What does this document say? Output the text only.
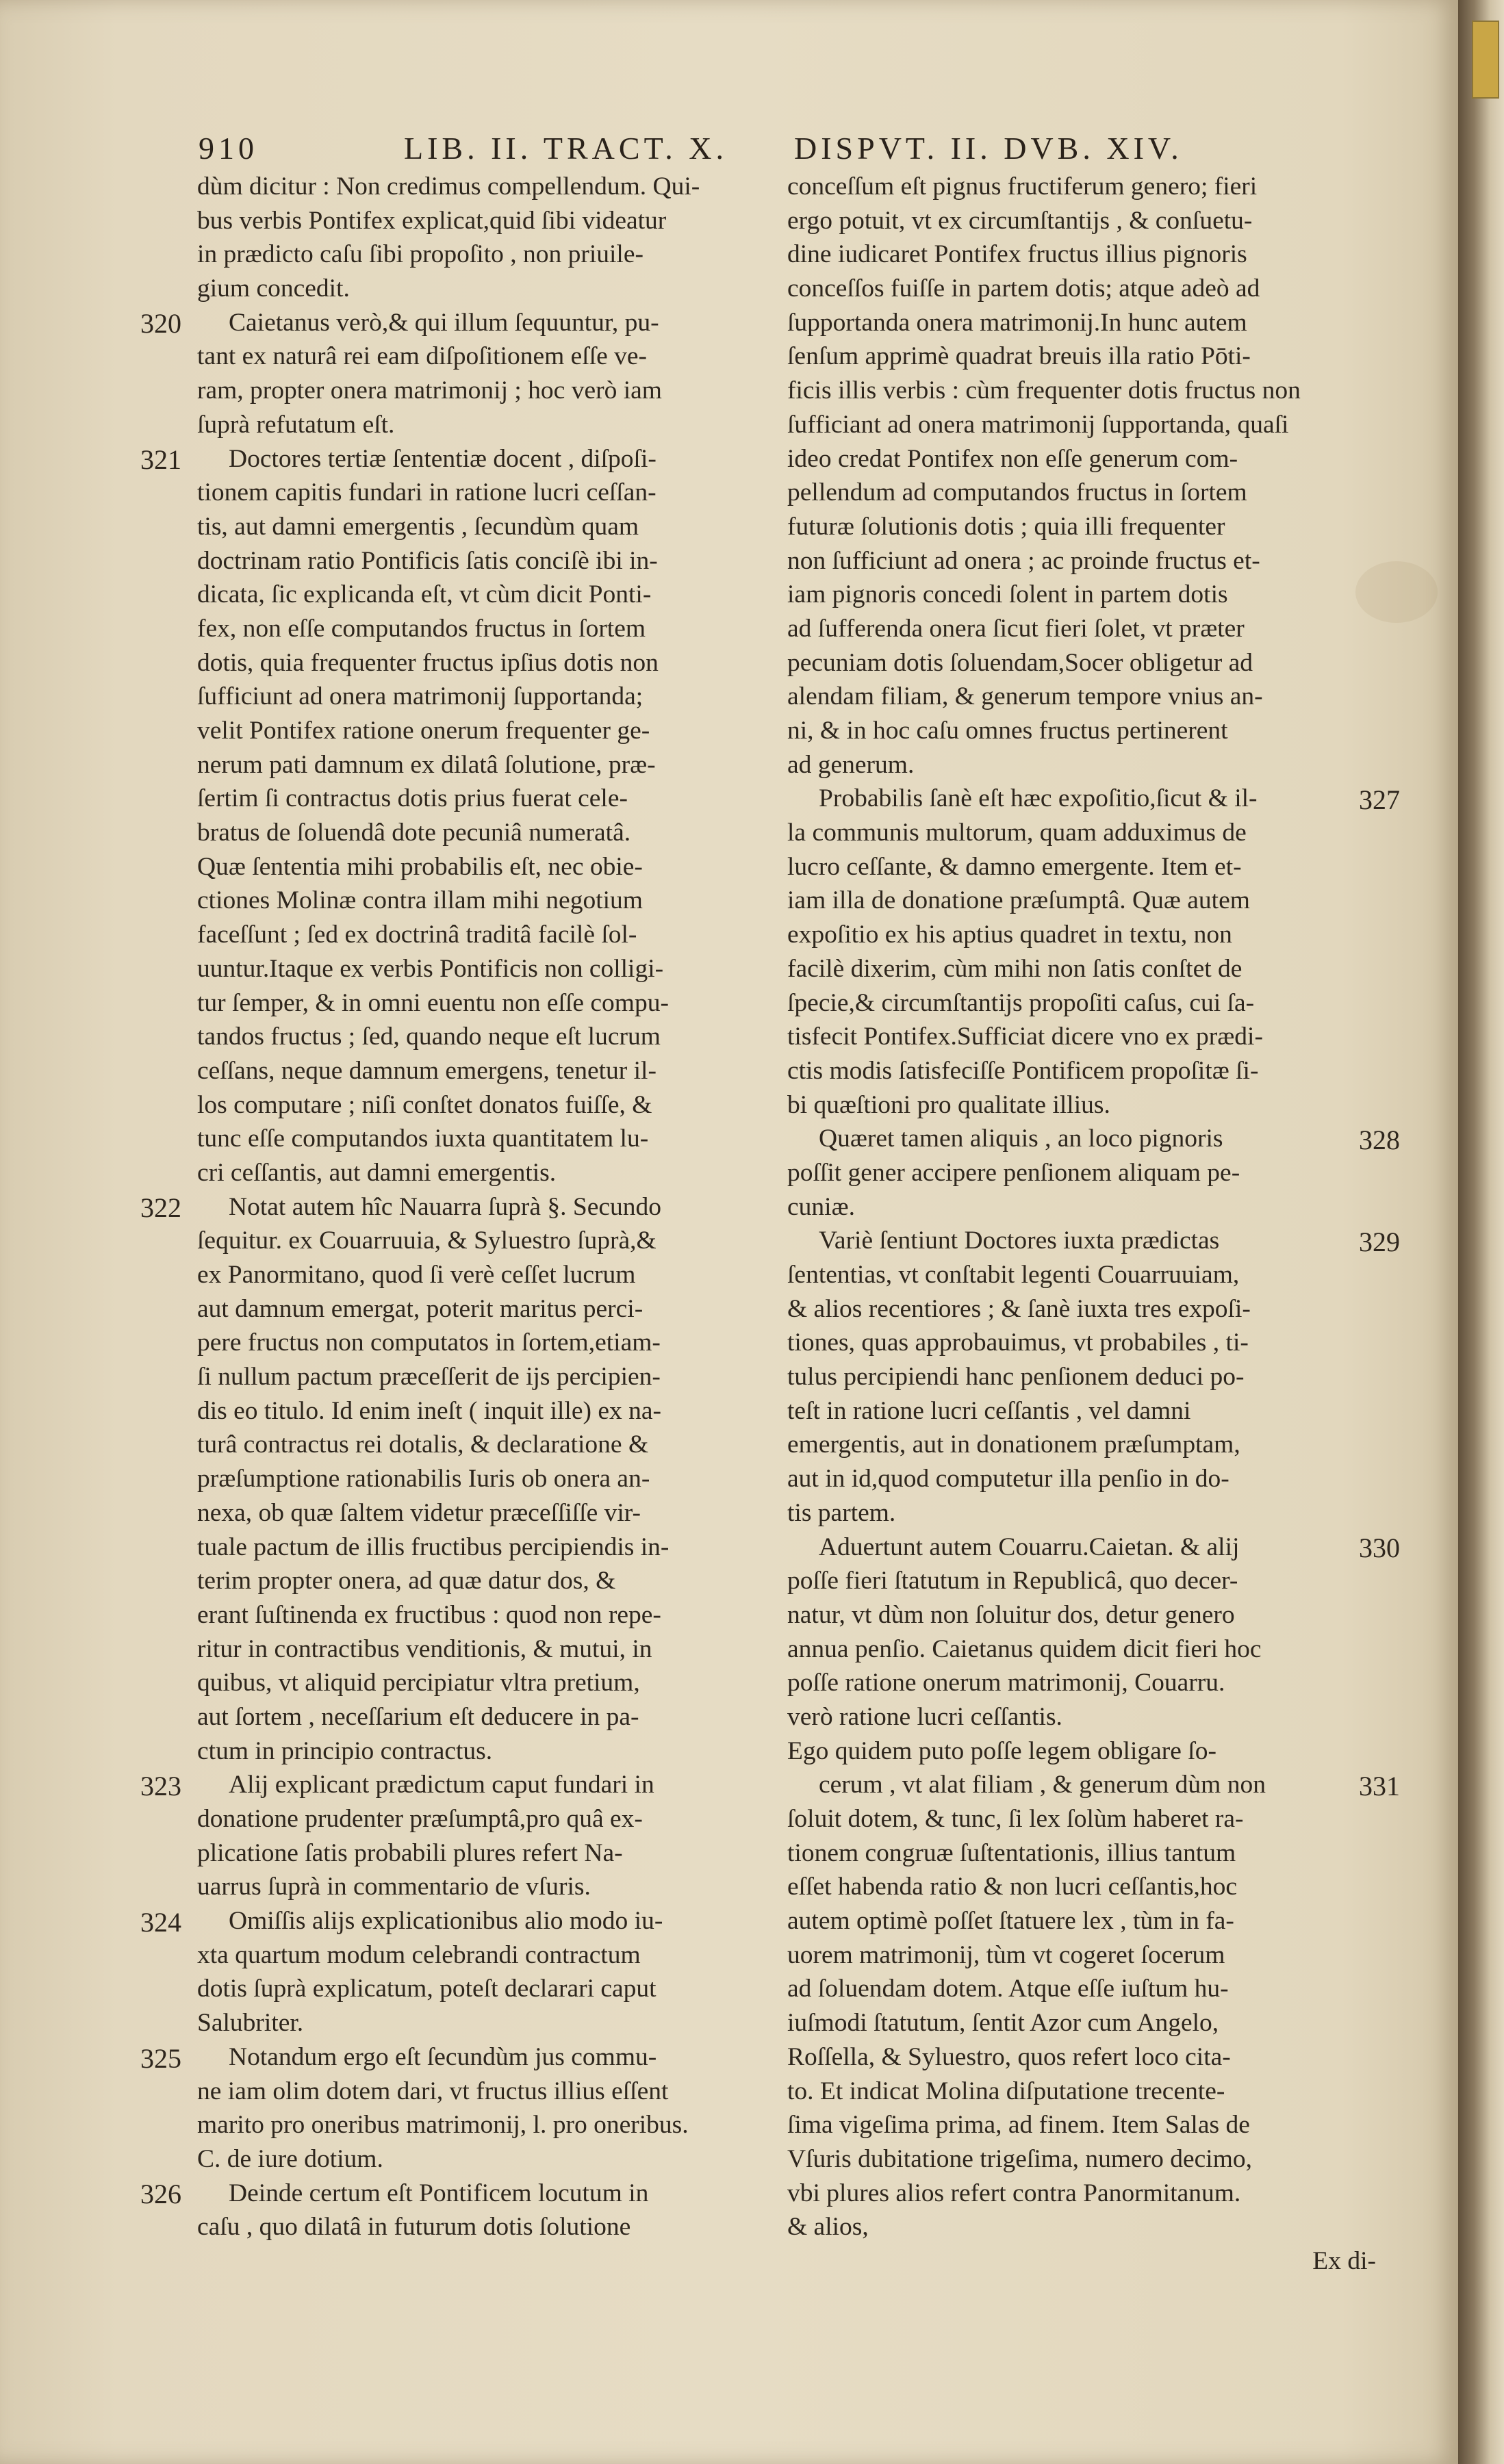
910	LIB. II. TRACT. X. DISPVT. II. DVB. XIV.
dùm dicitur : Non credimus compellendum. Qui-
bus verbis Pontifex explicat,quid ſibi videatur
in prædicto caſu ſibi propoſito , non priuile-
gium concedit.
Caietanus verò,& qui illum ſequuntur, pu-
tant ex naturâ rei eam diſpoſitionem eſſe ve-
ram, propter onera matrimonij ; hoc verò iam
ſuprà refutatum eſt.
Doctores tertiæ ſententiæ docent , diſpoſi-
tionem capitis fundari in ratione lucri ceſſan-
tis, aut damni emergentis , ſecundùm quam
doctrinam ratio Pontificis ſatis conciſè ibi in-
dicata, ſic explicanda eſt, vt cùm dicit Ponti-
fex, non eſſe computandos fructus in ſortem
dotis, quia frequenter fructus ipſius dotis non
ſufficiunt ad onera matrimonij ſupportanda;
velit Pontifex ratione onerum frequenter ge-
nerum pati damnum ex dilatâ ſolutione, præ-
ſertim ſi contractus dotis prius fuerat cele-
bratus de ſoluendâ dote pecuniâ numeratâ.
Quæ ſententia mihi probabilis eſt, nec obie-
ctiones Molinæ contra illam mihi negotium
faceſſunt ; ſed ex doctrinâ traditâ facilè ſol-
uuntur.Itaque ex verbis Pontificis non colligi-
tur ſemper, & in omni euentu non eſſe compu-
tandos fructus ; ſed, quando neque eſt lucrum
ceſſans, neque damnum emergens, tenetur il-
los computare ; niſi conſtet donatos fuiſſe, &
tunc eſſe computandos iuxta quantitatem lu-
cri ceſſantis, aut damni emergentis.
Notat autem hîc Nauarra ſuprà §. Secundo
ſequitur. ex Couarruuia, & Syluestro ſuprà,&
ex Panormitano, quod ſi verè ceſſet lucrum
aut damnum emergat, poterit maritus perci-
pere fructus non computatos in ſortem,etiam-
ſi nullum pactum præceſſerit de ijs percipien-
dis eo titulo. Id enim ineſt ( inquit ille) ex na-
turâ contractus rei dotalis, & declaratione &
præſumptione rationabilis Iuris ob onera an-
nexa, ob quæ ſaltem videtur præceſſiſſe vir-
tuale pactum de illis fructibus percipiendis in-
terim propter onera, ad quæ datur dos, &
erant ſuſtinenda ex fructibus : quod non repe-
ritur in contractibus venditionis, & mutui, in
quibus, vt aliquid percipiatur vltra pretium,
aut ſortem , neceſſarium eſt deducere in pa-
ctum in principio contractus.
Alij explicant prædictum caput fundari in
donatione prudenter præſumptâ,pro quâ ex-
plicatione ſatis probabili plures refert Na-
uarrus ſuprà in commentario de vſuris.
Omiſſis alijs explicationibus alio modo iu-
xta quartum modum celebrandi contractum
dotis ſuprà explicatum, poteſt declarari caput
Salubriter.
Notandum ergo eſt ſecundùm jus commu-
ne iam olim dotem dari, vt fructus illius eſſent
marito pro oneribus matrimonij, l. pro oneribus.
C. de iure dotium.
Deinde certum eſt Pontificem locutum in
caſu , quo dilatâ in futurum dotis ſolutione
conceſſum eſt pignus fructiferum genero; fieri
ergo potuit, vt ex circumſtantijs , & conſuetu-
dine iudicaret Pontifex fructus illius pignoris
conceſſos fuiſſe in partem dotis; atque adeò ad
ſupportanda onera matrimonij.In hunc autem
ſenſum apprimè quadrat breuis illa ratio Pōti-
ficis illis verbis : cùm frequenter dotis fructus non
ſufficiant ad onera matrimonij ſupportanda, quaſi
ideo credat Pontifex non eſſe generum com-
pellendum ad computandos fructus in ſortem
futuræ ſolutionis dotis ; quia illi frequenter
non ſufficiunt ad onera ; ac proinde fructus et-
iam pignoris concedi ſolent in partem dotis
ad ſufferenda onera ſicut fieri ſolet, vt præter
pecuniam dotis ſoluendam,Socer obligetur ad
alendam filiam, & generum tempore vnius an-
ni, & in hoc caſu omnes fructus pertinerent
ad generum.
Probabilis ſanè eſt hæc expoſitio,ſicut & il-
la communis multorum, quam adduximus de
lucro ceſſante, & damno emergente. Item et-
iam illa de donatione præſumptâ. Quæ autem
expoſitio ex his aptius quadret in textu, non
facilè dixerim, cùm mihi non ſatis conſtet de
ſpecie,& circumſtantijs propoſiti caſus, cui ſa-
tisfecit Pontifex.Sufficiat dicere vno ex prædi-
ctis modis ſatisfeciſſe Pontificem propoſitæ ſi-
bi quæſtioni pro qualitate illius.
Quæret tamen aliquis , an loco pignoris
poſſit gener accipere penſionem aliquam pe-
cuniæ.
Variè ſentiunt Doctores iuxta prædictas
ſententias, vt conſtabit legenti Couarruuiam,
& alios recentiores ; & ſanè iuxta tres expoſi-
tiones, quas approbauimus, vt probabiles , ti-
tulus percipiendi hanc penſionem deduci po-
teſt in ratione lucri ceſſantis , vel damni
emergentis, aut in donationem præſumptam,
aut in id,quod computetur illa penſio in do-
tis partem.
Aduertunt autem Couarru.Caietan. & alij
poſſe fieri ſtatutum in Republicâ, quo decer-
natur, vt dùm non ſoluitur dos, detur genero
annua penſio. Caietanus quidem dicit fieri hoc
poſſe ratione onerum matrimonij, Couarru.
verò ratione lucri ceſſantis.
Ego quidem puto poſſe legem obligare ſo-
cerum , vt alat filiam , & generum dùm non
ſoluit dotem, & tunc, ſi lex ſolùm haberet ra-
tionem congruæ ſuſtentationis, illius tantum
eſſet habenda ratio & non lucri ceſſantis,hoc
autem optimè poſſet ſtatuere lex , tùm in fa-
uorem matrimonij, tùm vt cogeret ſocerum
ad ſoluendam dotem. Atque eſſe iuſtum hu-
iuſmodi ſtatutum, ſentit Azor cum Angelo,
Roſſella, & Syluestro, quos refert loco cita-
to. Et indicat Molina diſputatione trecente-
ſima vigeſima prima, ad finem. Item Salas de
Vſuris dubitatione trigeſima, numero decimo,
vbi plures alios refert contra Panormitanum.
& alios,
Ex di-
320
321
322
323
324
325
326
327
328
329
330
331
